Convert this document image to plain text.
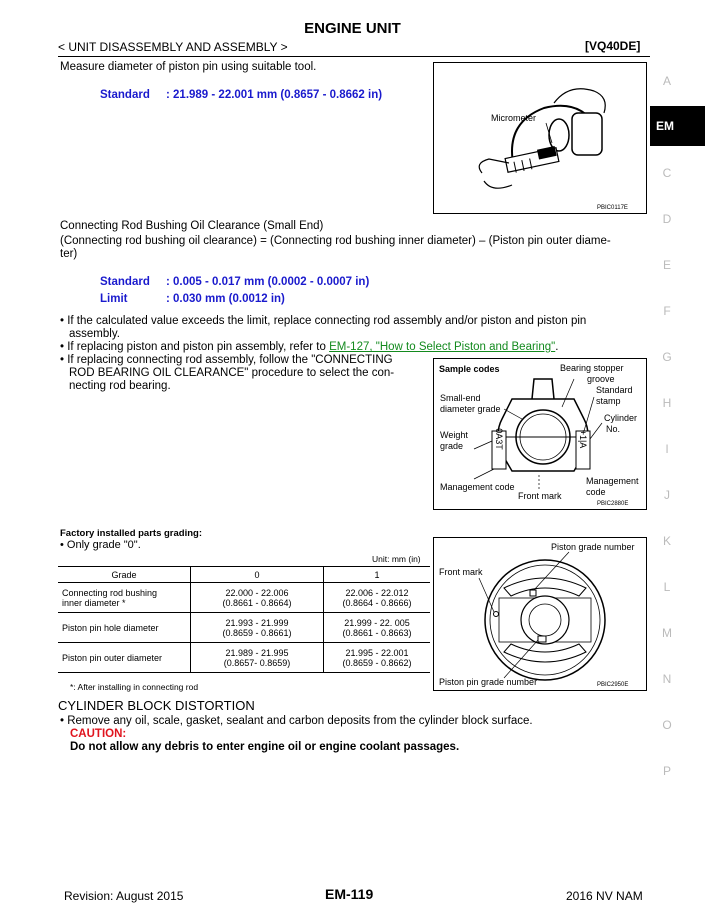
ENGINE UNIT
< UNIT DISASSEMBLY AND ASSEMBLY >	[VQ40DE]
A
EM
C
D
E
F
G
H
I
J
K
L
M
N
O
P
Measure diameter of piston pin using suitable tool.
Standard : 21.989 - 22.001 mm (0.8657 - 0.8662 in)
Micrometer
PBIC0117E
Connecting Rod Bushing Oil Clearance (Small End)
(Connecting rod bushing oil clearance) = (Connecting rod bushing inner diameter) – (Piston pin outer diame-
ter)
Standard : 0.005 - 0.017 mm (0.0002 - 0.0007 in)
Limit	: 0.030 mm (0.0012 in)
• If the calculated value exceeds the limit, replace connecting rod assembly and/or piston and piston pin
assembly.
• If replacing piston and piston pin assembly, refer to EM-127, "How to Select Piston and Bearing".
• If replacing connecting rod assembly, follow the "CONNECTING
ROD BEARING OIL CLEARANCE" procedure to select the con-
necting rod bearing.
Sample codes	Bearing stopper
groove
Standard
stamp
Small-end
diameter grade
Cylinder
No.
Weight
grade	0A3T	+1|A
Management code
Front mark
Management
code
PBIC2880E
Factory installed parts grading:
• Only grade "0".
Unit: mm (in)
Grade	0	1
Connecting rod bushing
inner diameter *	22.000 - 22.006
(0.8661 - 0.8664)	22.006 - 22.012
(0.8664 - 0.8666)
Piston pin hole diameter	21.993 - 21.999
(0.8659 - 0.8661)	21.999 - 22. 005
(0.8661 - 0.8663)
Piston pin outer diameter	21.989 - 21.995
(0.8657- 0.8659)	21.995 - 22.001
(0.8659 - 0.8662)
*: After installing in connecting rod
Piston grade number
Front mark
Piston pin grade number	PBIC2950E
CYLINDER BLOCK DISTORTION
• Remove any oil, scale, gasket, sealant and carbon deposits from the cylinder block surface.
CAUTION:
Do not allow any debris to enter engine oil or engine coolant passages.
Revision: August 2015	EM-119	2016 NV NAM
